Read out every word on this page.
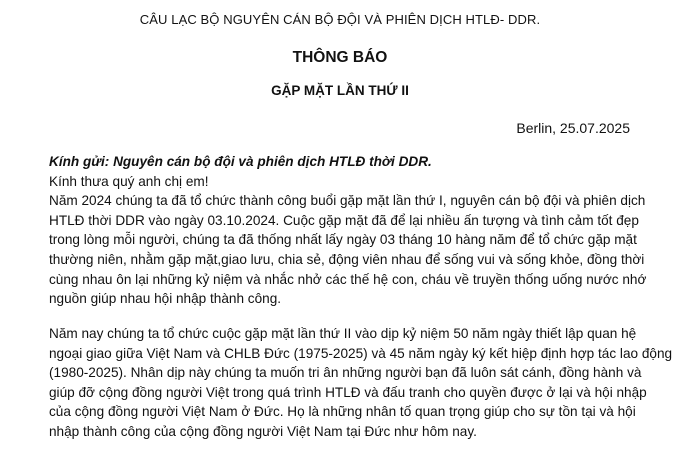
CÂU LẠC BỘ NGUYÊN CÁN BỘ ĐỘI VÀ PHIÊN DỊCH HTLĐ- DDR.
THÔNG BÁO
GẶP MẶT LẦN THỨ II
Berlin, 25.07.2025

Kính gửi: Nguyên cán bộ đội và phiên dịch HTLĐ thời DDR.

Kính thưa quý anh chị em!

Năm 2024 chúng ta đã tổ chức thành công buổi gặp mặt lần thứ I, nguyên cán bộ đội và phiên dịch
HTLĐ thời DDR vào ngày 03.10.2024. Cuộc gặp mặt đã để lại nhiều ấn tượng và tình cảm tốt đẹp
trong lòng mỗi người, chúng ta đã thống nhất lấy ngày 03 tháng 10 hàng năm để tổ chức gặp mặt
thường niên, nhằm gặp mặt,giao lưu, chia sẻ, động viên nhau để sống vui và sống khỏe, đồng thời
cùng nhau ôn lại những kỷ niệm và nhắc nhở các thế hệ con, cháu về truyền thống uống nước nhớ
nguồn giúp nhau hội nhập thành công.

Năm nay chúng ta tổ chức cuộc gặp mặt lần thứ II vào dịp kỷ niệm 50 năm ngày thiết lập quan hệ
ngoại giao giữa Việt Nam và CHLB Đức (1975-2025) và 45 năm ngày ký kết hiệp định hợp tác lao động
(1980-2025). Nhân dịp này chúng ta muốn tri ân những người bạn đã luôn sát cánh, đồng hành và
giúp đỡ cộng đồng người Việt trong quá trình HTLĐ và đấu tranh cho quyền được ở lại và hội nhập
của cộng đồng người Việt Nam ở Đức. Họ là những nhân tố quan trọng giúp cho sự tồn tại và hội
nhập thành công của cộng đồng người Việt Nam tại Đức như hôm nay.
